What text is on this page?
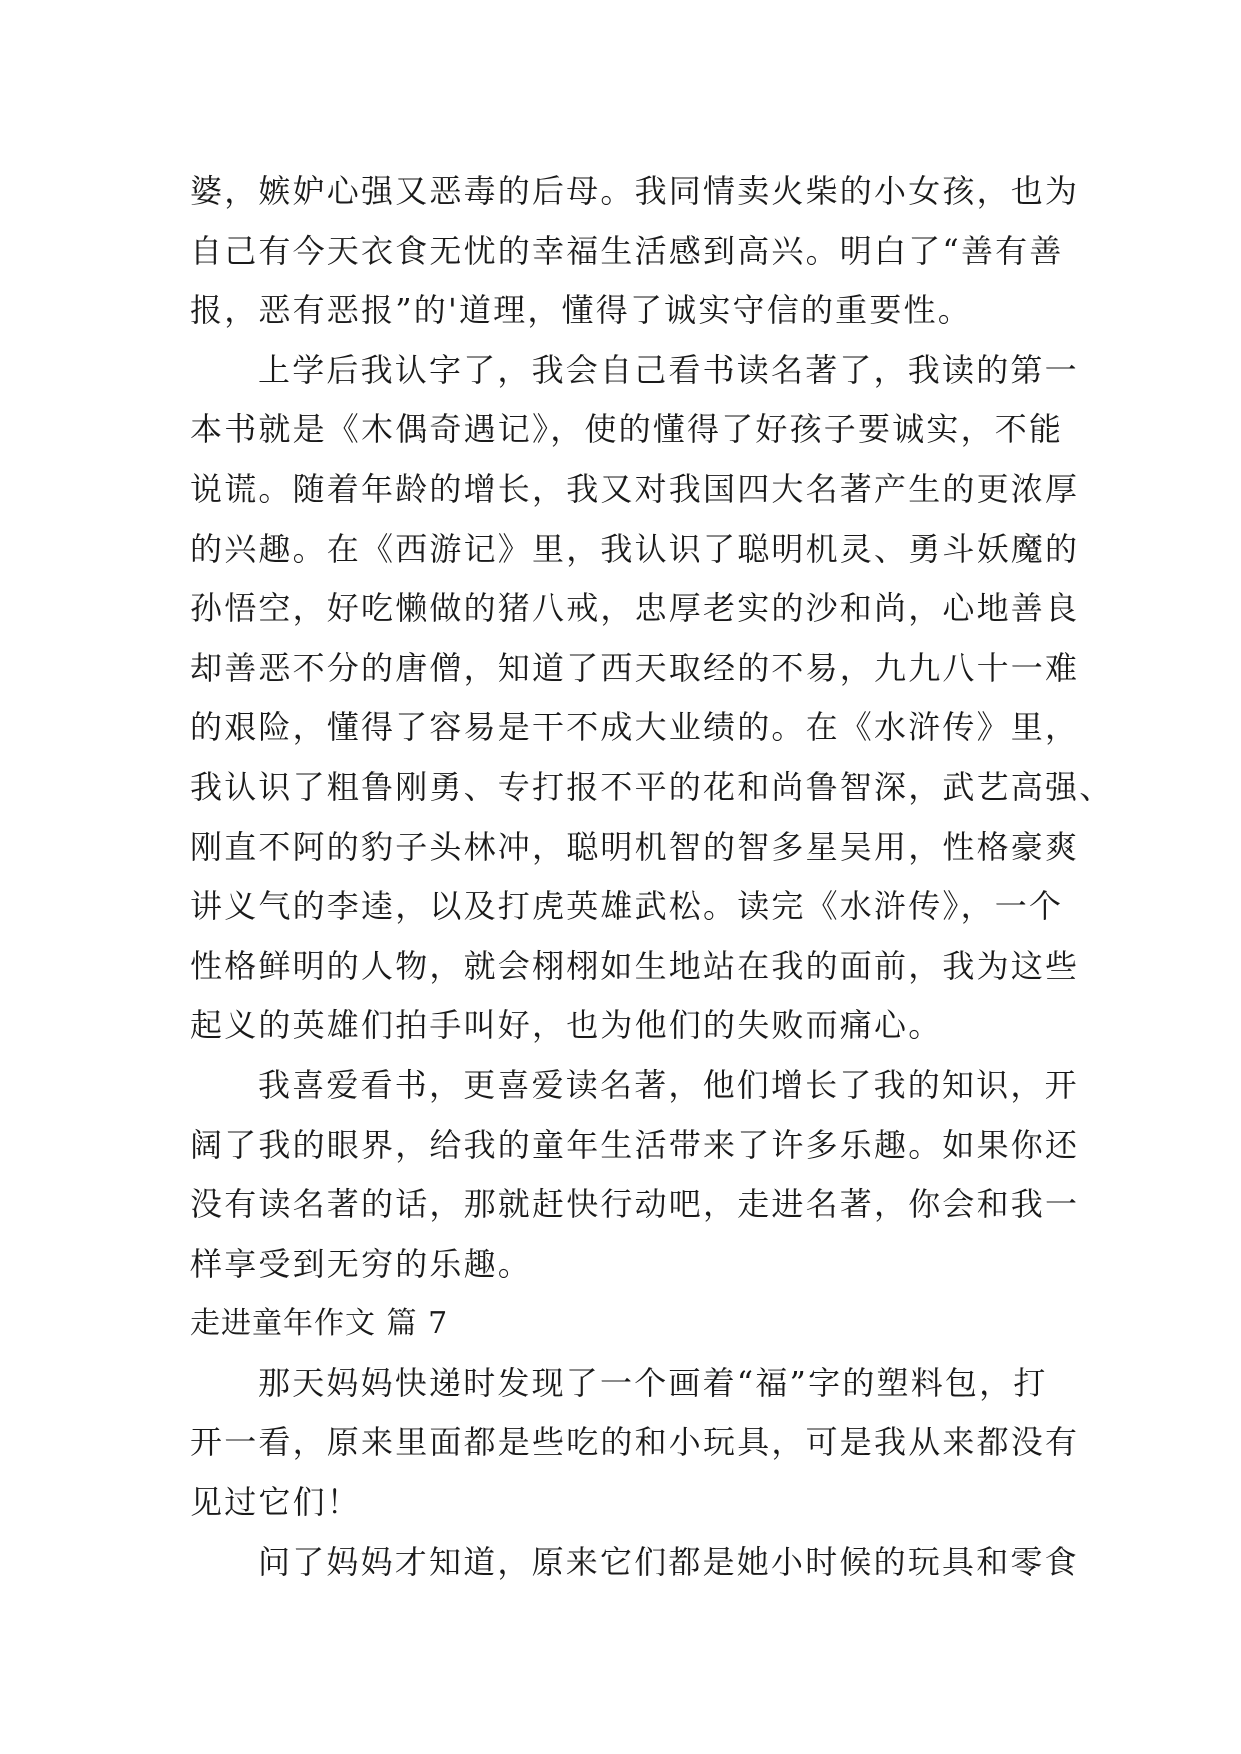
婆，嫉妒心强又恶毒的后母。我同情卖火柴的小女孩，也为
自己有今天衣食无忧的幸福生活感到高兴。明白了“善有善
报，恶有恶报”的'道理，懂得了诚实守信的重要性。
上学后我认字了，我会自己看书读名著了，我读的第一
本书就是《木偶奇遇记》，使的懂得了好孩子要诚实，不能
说谎。随着年龄的增长，我又对我国四大名著产生的更浓厚
的兴趣。在《西游记》里，我认识了聪明机灵、勇斗妖魔的
孙悟空，好吃懒做的猪八戒，忠厚老实的沙和尚，心地善良
却善恶不分的唐僧，知道了西天取经的不易，九九八十一难
的艰险，懂得了容易是干不成大业绩的。在《水浒传》里，
我认识了粗鲁刚勇、专打报不平的花和尚鲁智深，武艺高强、
刚直不阿的豹子头林冲，聪明机智的智多星吴用，性格豪爽
讲义气的李逵，以及打虎英雄武松。读完《水浒传》，一个
性格鲜明的人物，就会栩栩如生地站在我的面前，我为这些
起义的英雄们拍手叫好，也为他们的失败而痛心。
我喜爱看书，更喜爱读名著，他们增长了我的知识，开
阔了我的眼界，给我的童年生活带来了许多乐趣。如果你还
没有读名著的话，那就赶快行动吧，走进名著，你会和我一
样享受到无穷的乐趣。
走进童年作文 篇 7
那天妈妈快递时发现了一个画着“福”字的塑料包，打
开一看，原来里面都是些吃的和小玩具，可是我从来都没有
见过它们！
问了妈妈才知道，原来它们都是她小时候的玩具和零食
